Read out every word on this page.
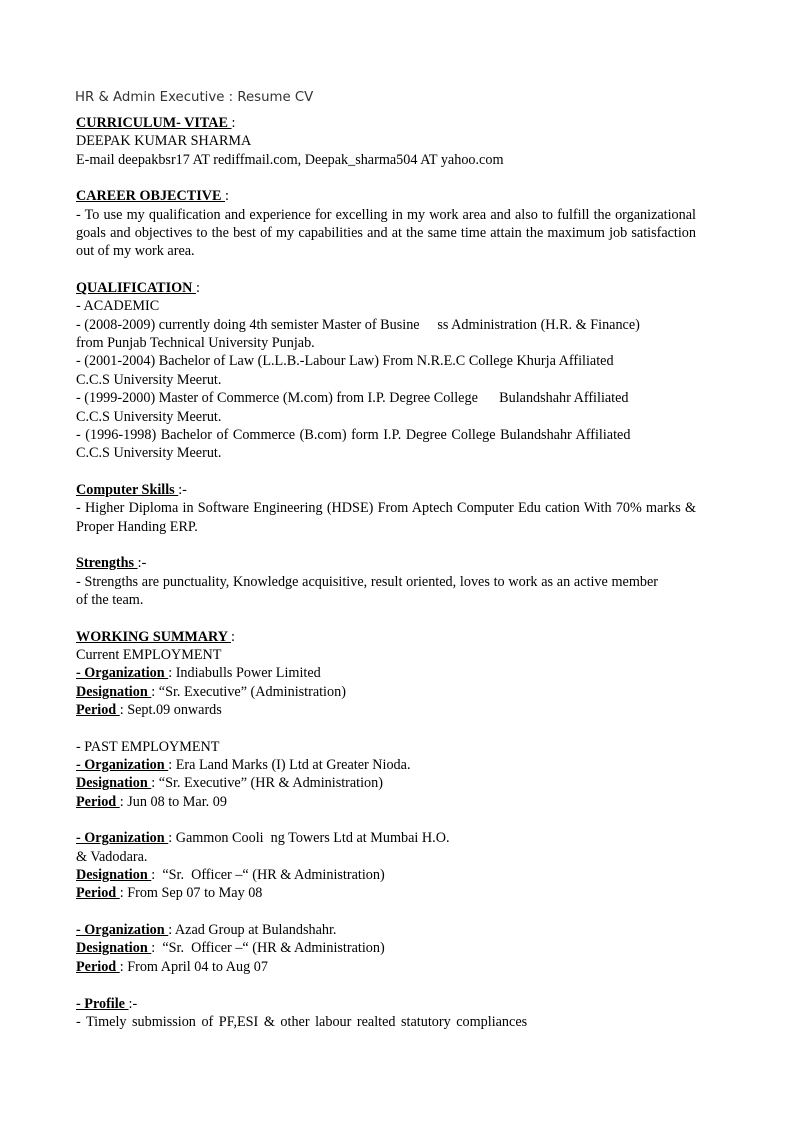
HR & Admin Executive : Resume CV

CURRICULUM- VITAE :

DEEPAK KUMAR SHARMA

E-mail deepakbsr17 AT rediffmail.com, Deepak_sharma504 AT yahoo.com

CAREER OBJECTIVE :

- To use my qualification and experience for excelling in my work area and also to fulfill the organizational goals and objectives to the best of my capabilities and at the same time attain the maximum job satisfaction out of my work area.

QUALIFICATION :

- ACADEMIC

- (2008-2009) currently doing 4th semister Master of Busine     ss Administration (H.R. & Finance)

from Punjab Technical University Punjab.

- (2001-2004) Bachelor of Law (L.L.B.-Labour Law) From N.R.E.C College Khurja Affiliated

C.C.S University Meerut.

- (1999-2000) Master of Commerce (M.com) from I.P. Degree College      Bulandshahr Affiliated

C.C.S University Meerut.

- (1996-1998) Bachelor of Commerce (B.com) form I.P. Degree College Bulandshahr Affiliated

C.C.S University Meerut.

Computer Skills :-

- Higher Diploma in Software Engineering (HDSE) From Aptech Computer Edu cation With 70% marks & Proper Handing ERP.

Strengths :-

- Strengths are punctuality, Knowledge acquisitive, result oriented, loves to work as an active member of the team.

WORKING SUMMARY :

Current EMPLOYMENT

- Organization : Indiabulls Power Limited

Designation : “Sr. Executive” (Administration)

Period : Sept.09 onwards

- PAST EMPLOYMENT

- Organization : Era Land Marks (I) Ltd at Greater Nioda.

Designation : “Sr. Executive” (HR & Administration)

Period : Jun 08 to Mar. 09

- Organization : Gammon Cooli  ng Towers Ltd at Mumbai H.O.

& Vadodara.

Designation :  “Sr.  Officer –“ (HR & Administration)

Period : From Sep 07 to May 08

- Organization : Azad Group at Bulandshahr.

Designation :  “Sr.  Officer –“ (HR & Administration)

Period : From April 04 to Aug 07

- Profile :-

- Timely submission of PF,ESI & other labour realted statutory compliances
